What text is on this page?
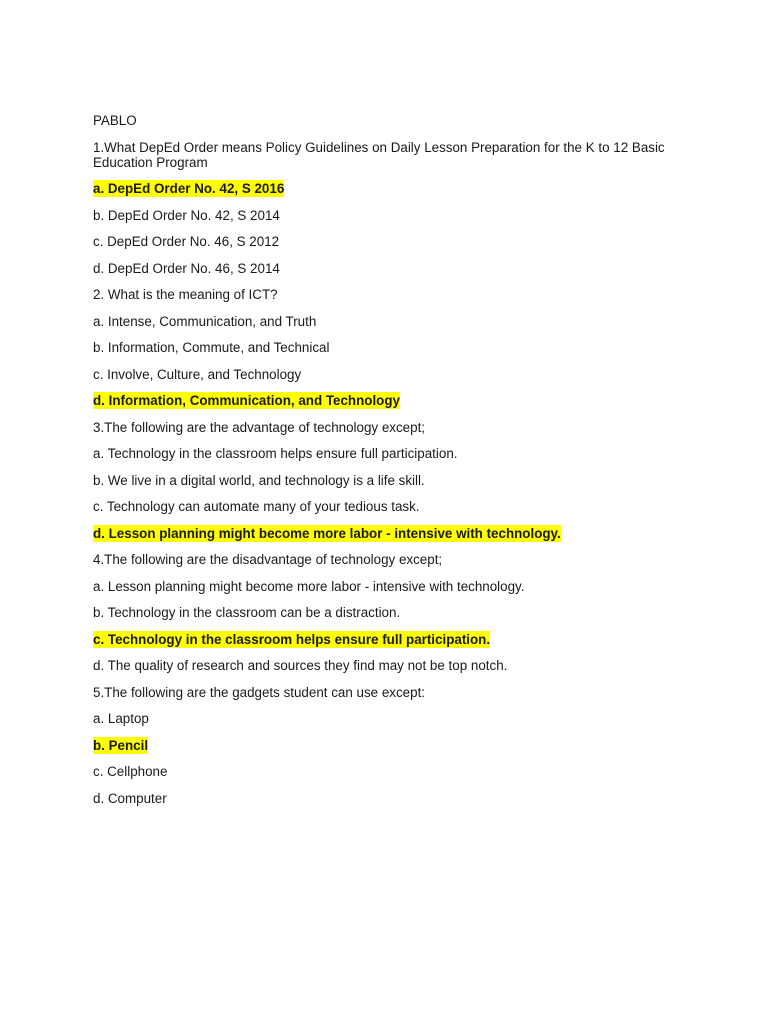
PABLO
1.What DepEd Order means Policy Guidelines on Daily Lesson Preparation for the K to 12 Basic Education Program
a. DepEd Order No. 42, S 2016
b. DepEd Order No. 42, S 2014
c. DepEd Order No. 46, S 2012
d. DepEd Order No. 46, S 2014
2. What is the meaning of ICT?
a. Intense, Communication, and Truth
b. Information, Commute, and Technical
c. Involve, Culture, and Technology
d. Information, Communication, and Technology
3.The following are the advantage of technology except;
a. Technology in the classroom helps ensure full participation.
b. We live in a digital world, and technology is a life skill.
c. Technology can automate many of your tedious task.
d. Lesson planning might become more labor - intensive with technology.
4.The following are the disadvantage of technology except;
a. Lesson planning might become more labor - intensive with technology.
b. Technology in the classroom can be a distraction.
c. Technology in the classroom helps ensure full participation.
d. The quality of research and sources they find may not be top notch.
5.The following are the gadgets student can use except:
a. Laptop
b. Pencil
c. Cellphone
d. Computer
